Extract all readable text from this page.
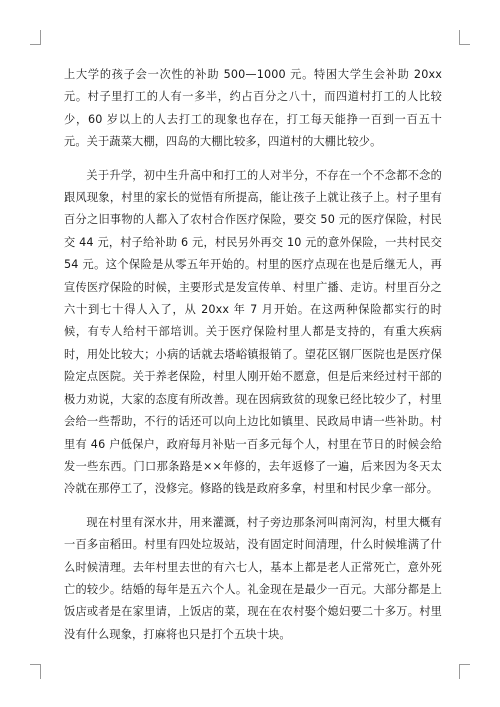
上大学的孩子会一次性的补助 500—1000 元。特困大学生会补助 20xx 元。村子里打工的人有一多半，约占百分之八十，而四道村打工的人比较少，60 岁以上的人去打工的现象也存在，打工每天能挣一百到一百五十元。关于蔬菜大棚，四岛的大棚比较多，四道村的大棚比较少。

关于升学，初中生升高中和打工的人对半分，不存在一个不念都不念的跟风现象，村里的家长的觉悟有所提高，能让孩子上就让孩子上。村子里有百分之旧事物的人都入了农村合作医疗保险，要交 50 元的医疗保险，村民交 44 元，村子给补助 6 元，村民另外再交 10 元的意外保险，一共村民交 54 元。这个保险是从零五年开始的。村里的医疗点现在也是后继无人，再宣传医疗保险的时候，主要形式是发宣传单、村里广播、走访。村里百分之六十到七十得人入了，从 20xx 年 7 月开始。在这两种保险都实行的时候，有专人给村干部培训。关于医疗保险村里人都是支持的，有重大疾病时，用处比较大；小病的话就去塔峪镇报销了。望花区钢厂医院也是医疗保险定点医院。关于养老保险，村里人刚开始不愿意，但是后来经过村干部的极力劝说，大家的态度有所改善。现在因病致贫的现象已经比较少了，村里会给一些帮助，不行的话还可以向上边比如镇里、民政局申请一些补助。村里有 46 户低保户，政府每月补贴一百多元每个人，村里在节日的时候会给发一些东西。门口那条路是××年修的，去年返修了一遍，后来因为冬天太冷就在那停工了，没修完。修路的钱是政府多拿，村里和村民少拿一部分。

现在村里有深水井，用来灌溉，村子旁边那条河叫南河沟，村里大概有一百多亩稻田。村里有四处垃圾站，没有固定时间清理，什么时候堆满了什么时候清理。去年村里去世的有六七人，基本上都是老人正常死亡，意外死亡的较少。结婚的每年是五六个人。礼金现在是最少一百元。大部分都是上饭店或者是在家里请，上饭店的菜，现在在农村娶个媳妇要二十多万。村里没有什么现象，打麻将也只是打个五块十块。
